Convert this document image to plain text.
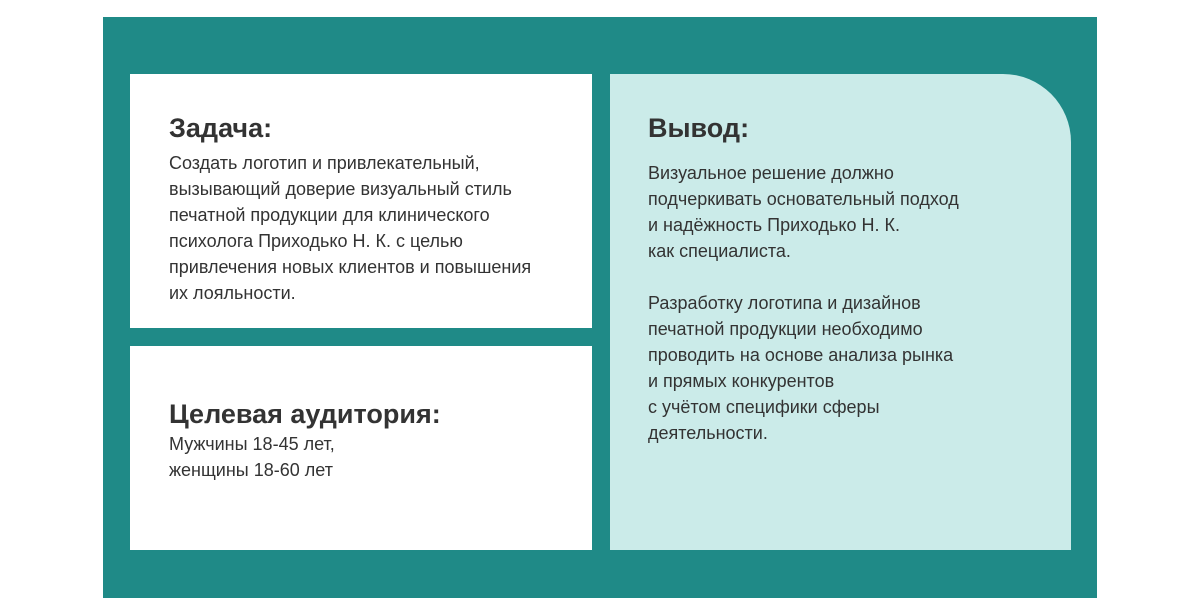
Задача:

Создать логотип и привлекательный,
вызывающий доверие визуальный стиль
печатной продукции для клинического
психолога Приходько Н. К. с целью
привлечения новых клиентов и повышения
их лояльности.

Целевая аудитория:

Мужчины 18-45 лет,
женщины 18-60 лет

Вывод:

Визуальное решение должно
подчеркивать основательный подход
и надёжность Приходько Н. К.
как специалиста.

Разработку логотипа и дизайнов
печатной продукции необходимо
проводить на основе анализа рынка
и прямых конкурентов
с учётом специфики сферы
деятельности.
